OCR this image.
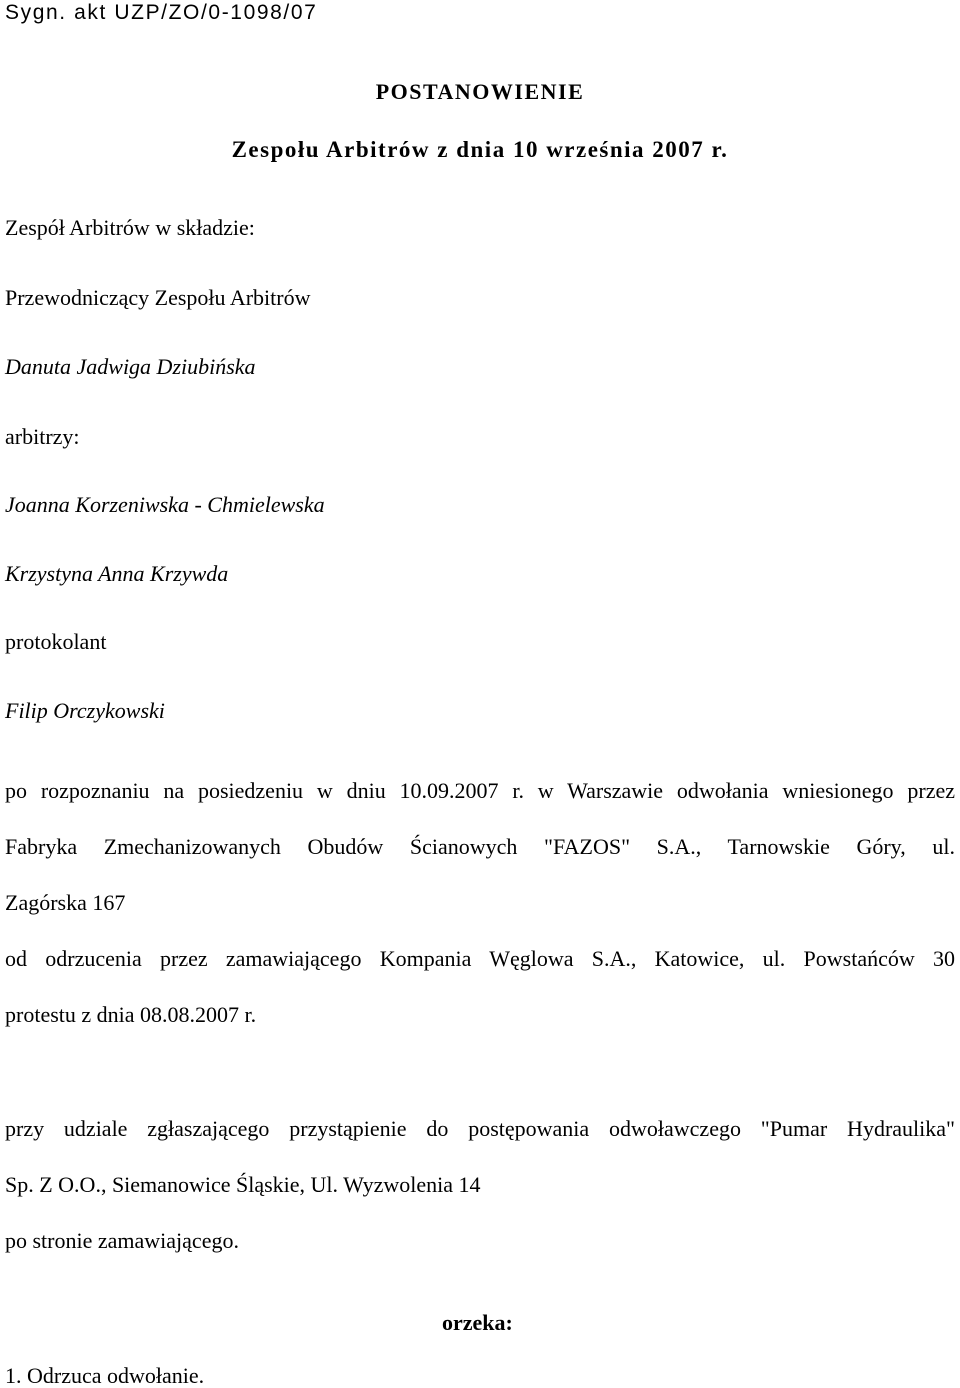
Sygn. akt UZP/ZO/0-1098/07
POSTANOWIENIE
Zespołu Arbitrów z dnia 10 września 2007 r.
Zespół Arbitrów w składzie:
Przewodniczący Zespołu Arbitrów
Danuta Jadwiga Dziubińska
arbitrzy:
Joanna Korzeniwska - Chmielewska
Krzystyna Anna Krzywda
protokolant
Filip Orczykowski
po rozpoznaniu na posiedzeniu w dniu 10.09.2007 r. w Warszawie odwołania wniesionego przez
Fabryka Zmechanizowanych Obudów Ścianowych "FAZOS" S.A., Tarnowskie Góry, ul.
Zagórska 167
od odrzucenia przez zamawiającego Kompania Węglowa S.A., Katowice, ul. Powstańców 30
protestu z dnia 08.08.2007 r.
przy udziale zgłaszającego przystąpienie do postępowania odwoławczego "Pumar Hydraulika"
Sp. Z O.O., Siemanowice Śląskie, Ul. Wyzwolenia 14
po stronie zamawiającego.
orzeka:
1. Odrzuca odwołanie.
